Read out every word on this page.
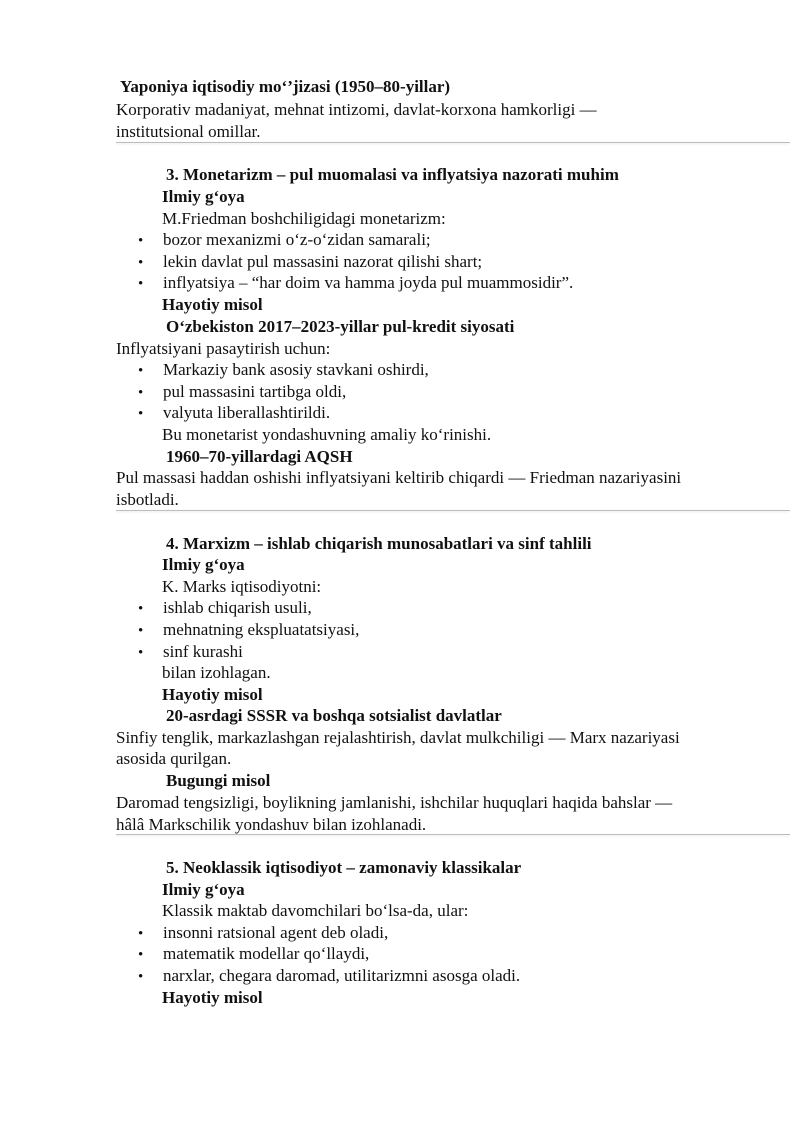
Yaponiya iqtisodiy mo‘’jizasi (1950–80-yillar)
Korporativ madaniyat, mehnat intizomi, davlat-korxona hamkorligi —
institutsional omillar.
3. Monetarizm – pul muomalasi va inflyatsiya nazorati muhim
Ilmiy g‘oya
M.Friedman boshchiligidagi monetarizm:
• bozor mexanizmi o‘z-o‘zidan samarali;
• lekin davlat pul massasini nazorat qilishi shart;
• inflyatsiya – “har doim va hamma joyda pul muammosidir”.
Hayotiy misol
O‘zbekiston 2017–2023-yillar pul-kredit siyosati
Inflyatsiyani pasaytirish uchun:
• Markaziy bank asosiy stavkani oshirdi,
• pul massasini tartibga oldi,
• valyuta liberallashtirildi.
Bu monetarist yondashuvning amaliy ko‘rinishi.
1960–70-yillardagi AQSH
Pul massasi haddan oshishi inflyatsiyani keltirib chiqardi — Friedman nazariyasini
isbotladi.
4. Marxizm – ishlab chiqarish munosabatlari va sinf tahlili
Ilmiy g‘oya
K. Marks iqtisodiyotni:
• ishlab chiqarish usuli,
• mehnatning ekspluatatsiyasi,
• sinf kurashi
bilan izohlagan.
Hayotiy misol
20-asrdagi SSSR va boshqa sotsialist davlatlar
Sinfiy tenglik, markazlashgan rejalashtirish, davlat mulkchiligi — Marx nazariyasi
asosida qurilgan.
Bugungi misol
Daromad tengsizligi, boylikning jamlanishi, ishchilar huquqlari haqida bahslar —
hâlâ Markschilik yondashuv bilan izohlanadi.
5. Neoklassik iqtisodiyot – zamonaviy klassikalar
Ilmiy g‘oya
Klassik maktab davomchilari bo‘lsa-da, ular:
• insonni ratsional agent deb oladi,
• matematik modellar qo‘llaydi,
• narxlar, chegara daromad, utilitarizmni asosga oladi.
Hayotiy misol
